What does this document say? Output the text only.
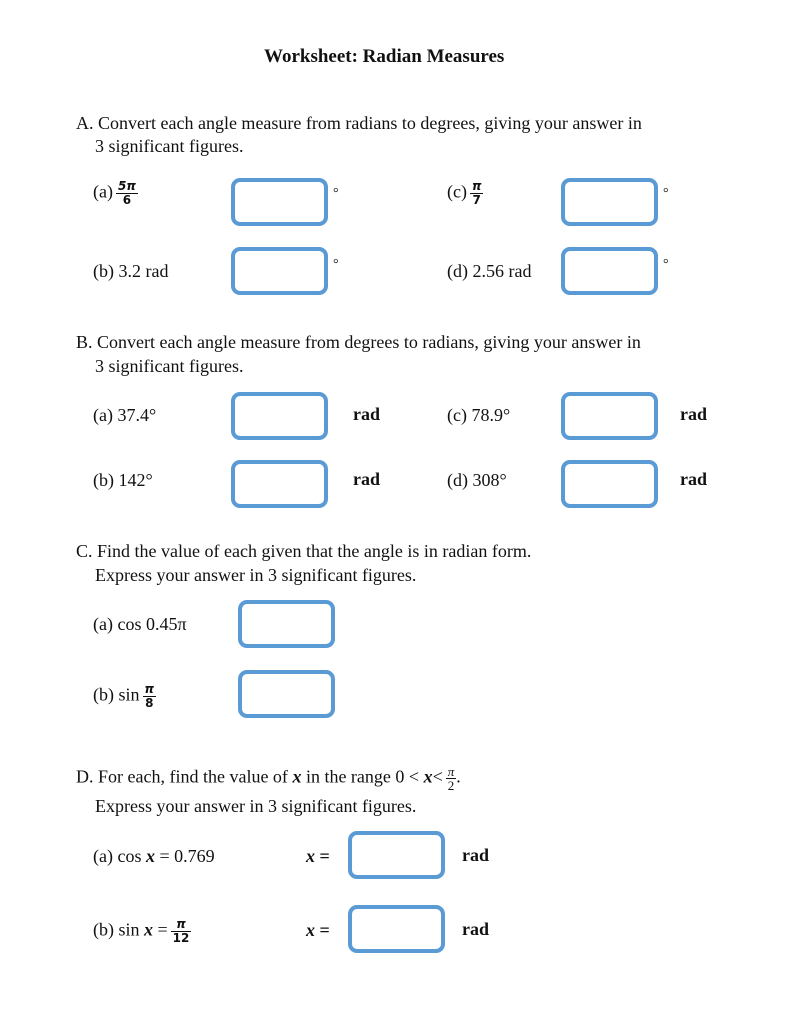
Worksheet: Radian Measures
A. Convert each angle measure from radians to degrees, giving your answer in
3 significant figures.
$(a) \frac{5\pi}{6}$	°	$(c) \frac{\pi}{7}$	°
(b) 3.2 rad	°	(d) 2.56 rad	°
B. Convert each angle measure from degrees to radians, giving your answer in
3 significant figures.
(a) 37.4°	rad	(c) 78.9°	rad
(b) 142°	rad	(d) 308°	rad
C. Find the value of each given that the angle is in radian form.
Express your answer in 3 significant figures.
(a) cos 0.45π
(b) $\sin \frac{\pi}{8}$
D. For each, find the value of x in the range $0 < x< \frac{\pi}{2}$ .
Express your answer in 3 significant figures.
(a) cos x = 0.769	x =	rad
(b) $\sin x = \frac{\pi}{12}$	x =	rad
